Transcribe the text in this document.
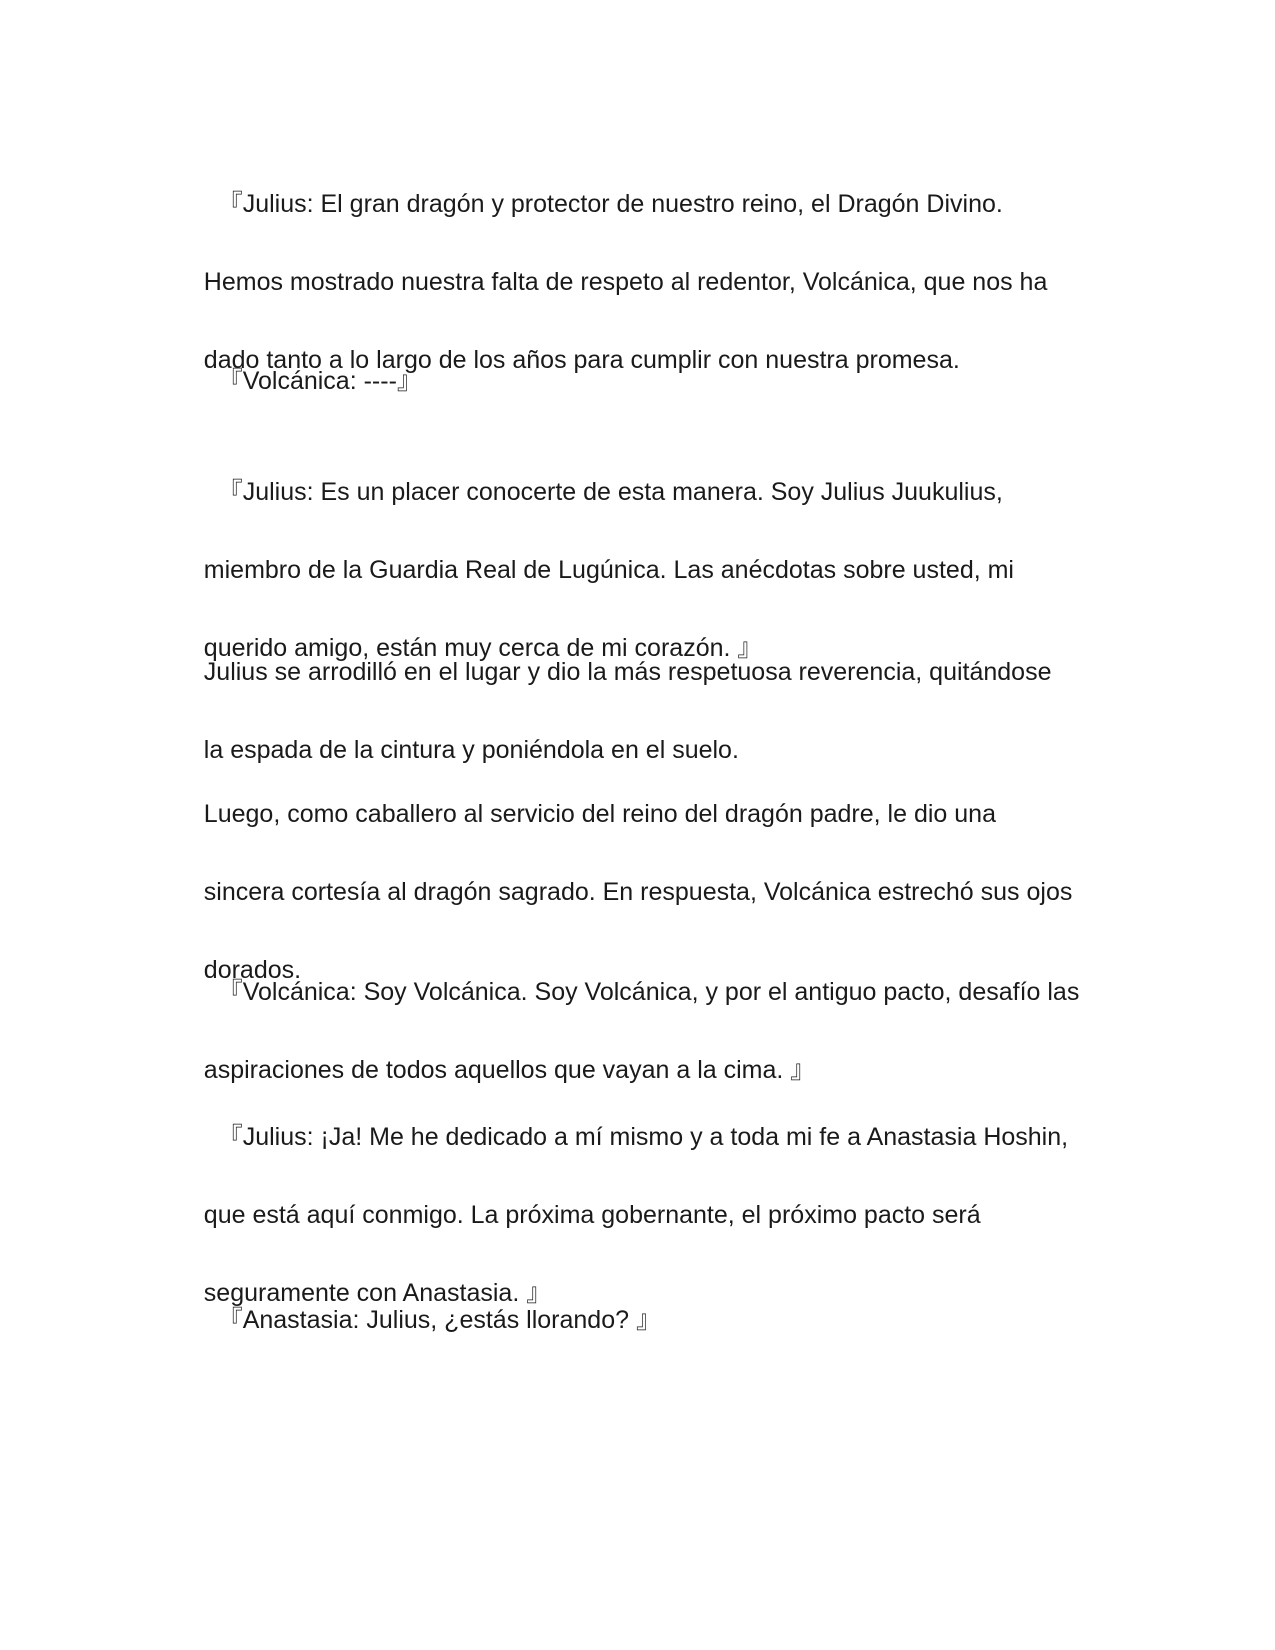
『Julius: El gran dragón y protector de nuestro reino, el Dragón Divino.

Hemos mostrado nuestra falta de respeto al redentor, Volcánica, que nos ha

dado tanto a lo largo de los años para cumplir con nuestra promesa.

『Volcánica: ----』

『Julius: Es un placer conocerte de esta manera. Soy Julius Juukulius,

miembro de la Guardia Real de Lugúnica. Las anécdotas sobre usted, mi

querido amigo, están muy cerca de mi corazón. 』

Julius se arrodilló en el lugar y dio la más respetuosa reverencia, quitándose

la espada de la cintura y poniéndola en el suelo.

Luego, como caballero al servicio del reino del dragón padre, le dio una

sincera cortesía al dragón sagrado. En respuesta, Volcánica estrechó sus ojos

dorados.

『Volcánica: Soy Volcánica. Soy Volcánica, y por el antiguo pacto, desafío las

aspiraciones de todos aquellos que vayan a la cima. 』

『Julius: ¡Ja! Me he dedicado a mí mismo y a toda mi fe a Anastasia Hoshin,

que está aquí conmigo. La próxima gobernante, el próximo pacto será

seguramente con Anastasia. 』

『Anastasia: Julius, ¿estás llorando? 』
